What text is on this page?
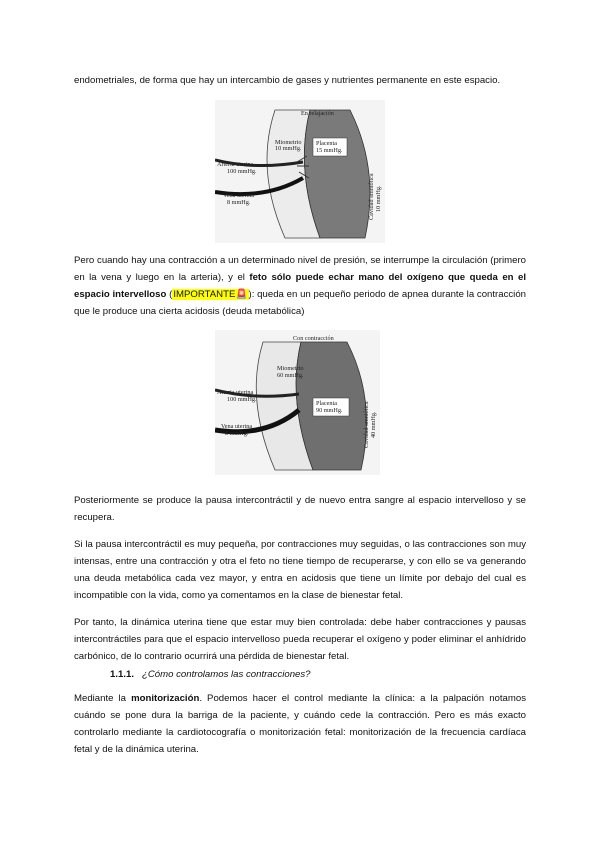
endometriales, de forma que hay un intercambio de gases y nutrientes permanente en este espacio.

En relajación
Miometrio
10 mmHg.
Placenta
15 mmHg.
Arteria uterina
100 mmHg.
Vena uterina
8 mmHg.	Cavidad amniótica 10 mmHg.

Pero cuando hay una contracción a un determinado nivel de presión, se interrumpe la circulación (primero en la vena y luego en la arteria), y el feto sólo puede echar mano del oxígeno que queda en el espacio intervelloso (IMPORTANTE🚨): queda en un pequeño periodo de apnea durante la contracción que le produce una cierta acidosis (deuda metabólica)

Con contracción
Miometrio
60 mmHg.
Placenta
90 mmHg.
Arteria uterina
100 mmHg.
Vena uterina
8 mmHg.	Cavidad amniótica 40 mmHg.

Posteriormente se produce la pausa intercontráctil y de nuevo entra sangre al espacio intervelloso y se recupera.

Si la pausa intercontráctil es muy pequeña, por contracciones muy seguidas, o las contracciones son muy intensas, entre una contracción y otra el feto no tiene tiempo de recuperarse, y con ello se va generando una deuda metabólica cada vez mayor, y entra en acidosis que tiene un límite por debajo del cual es incompatible con la vida, como ya comentamos en la clase de bienestar fetal.

Por tanto, la dinámica uterina tiene que estar muy bien controlada: debe haber contracciones y pausas intercontráctiles para que el espacio intervelloso pueda recuperar el oxígeno y poder eliminar el anhídrido carbónico, de lo contrario ocurrirá una pérdida de bienestar fetal.

1.1.1. ¿Cómo controlamos las contracciones?

Mediante la monitorización. Podemos hacer el control mediante la clínica: a la palpación notamos cuándo se pone dura la barriga de la paciente, y cuándo cede la contracción. Pero es más exacto controlarlo mediante la cardiotocografía o monitorización fetal: monitorización de la frecuencia cardíaca fetal y de la dinámica uterina.
